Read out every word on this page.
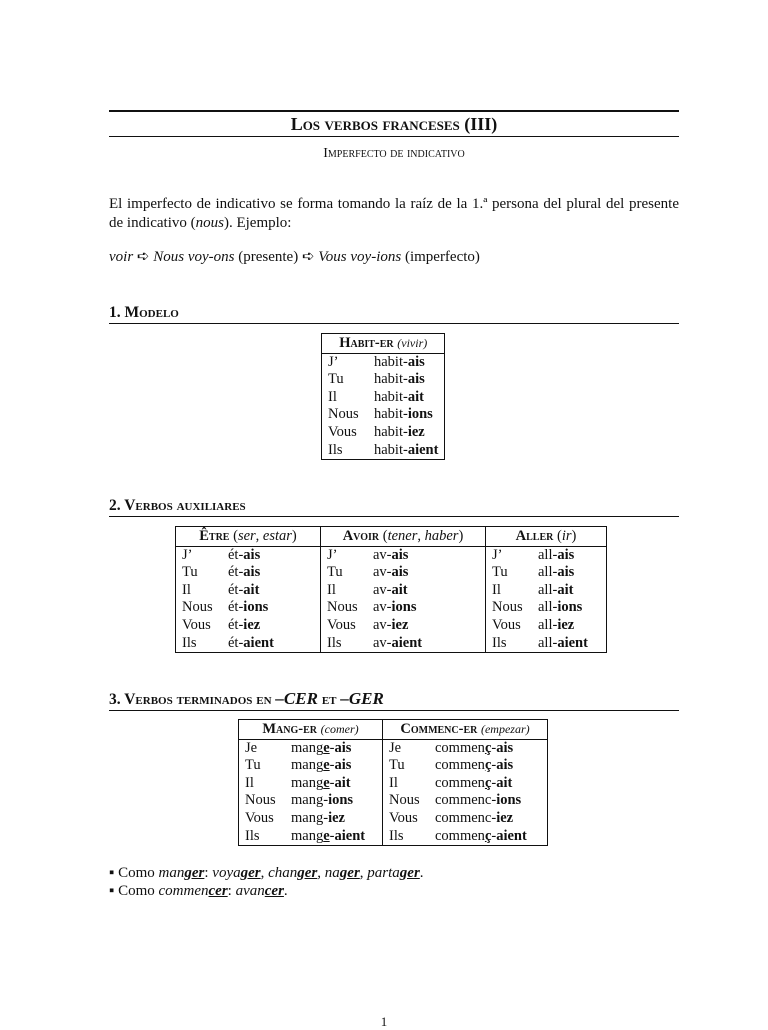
Los verbos franceses (III)
Imperfecto de indicativo
El imperfecto de indicativo se forma tomando la raíz de la 1.ª persona del plural del presente de indicativo (nous). Ejemplo:
voir ➪ Nous voy-ons (presente) ➪ Vous voy-ions (imperfecto)
1. Modelo
Habit-er (vivir)	
J’	habit-ais
Tu	habit-ais
Il	habit-ait
Nous	habit-ions
Vous	habit-iez
Ils	habit-aient
2. Verbos auxiliares
Être (ser, estar)		Avoir (tener, haber)		Aller (ir)	
J’	ét-ais	J’	av-ais	J’	all-ais
Tu	ét-ais	Tu	av-ais	Tu	all-ais
Il	ét-ait	Il	av-ait	Il	all-ait
Nous	ét-ions	Nous	av-ions	Nous	all-ions
Vous	ét-iez	Vous	av-iez	Vous	all-iez
Ils	ét-aient	Ils	av-aient	Ils	all-aient
3. Verbos terminados en –CER et –GER
Mang-er (comer)		Commenc-er (empezar)	
Je	mange-ais	Je	commenç-ais
Tu	mange-ais	Tu	commenç-ais
Il	mange-ait	Il	commenç-ait
Nous	mang-ions	Nous	commenc-ions
Vous	mang-iez	Vous	commenc-iez
Ils	mange-aient	Ils	commenç-aient
▪ Como manger: voyager, changer, nager, partager.
▪ Como commencer: avancer.
1
